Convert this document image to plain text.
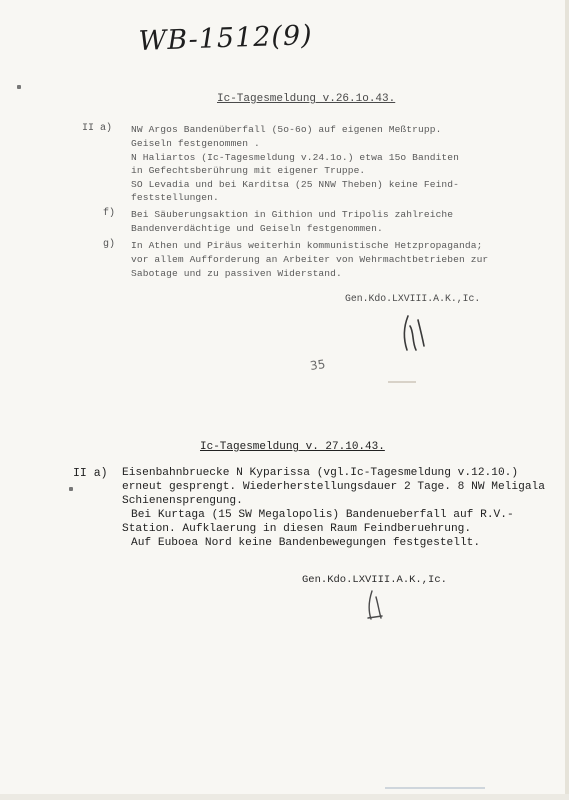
WB-1512(9)
Ic-Tagesmeldung v.26.1o.43.
II a) NW Argos Bandenüberfall (5o-6o) auf eigenen Meßtrupp.
Geiseln festgenommen .
N Haliartos (Ic-Tagesmeldung v.24.1o.) etwa 15o Banditen
in Gefechtsberührung mit eigener Truppe.
SO Levadia und bei Karditsa (25 NNW Theben) keine Feind-
feststellungen.
f) Bei Säuberungsaktion in Githion und Tripolis zahlreiche
Bandenverdächtige und Geiseln festgenommen.
g) In Athen und Piräus weiterhin kommunistische Hetzpropaganda;
vor allem Aufforderung an Arbeiter von Wehrmachtbetrieben zur
Sabotage und zu passiven Widerstand.
Gen.Kdo.LXVIII.A.K.,Ic.
35
Ic-Tagesmeldung v. 27.10.43.
II a) Eisenbahnbruecke N Kyparissa (vgl.Ic-Tagesmeldung v.12.10.)
erneut gesprengt. Wiederherstellungsdauer 2 Tage. 8 NW Meligala
Schienensprengung.
Bei Kurtaga (15 SW Megalopolis) Bandenueberfall auf R.V.-
Station. Aufklaerung in diesen Raum Feindberuehrung.
Auf Euboea Nord keine Bandenbewegungen festgestellt.
Gen.Kdo.LXVIII.A.K.,Ic.
